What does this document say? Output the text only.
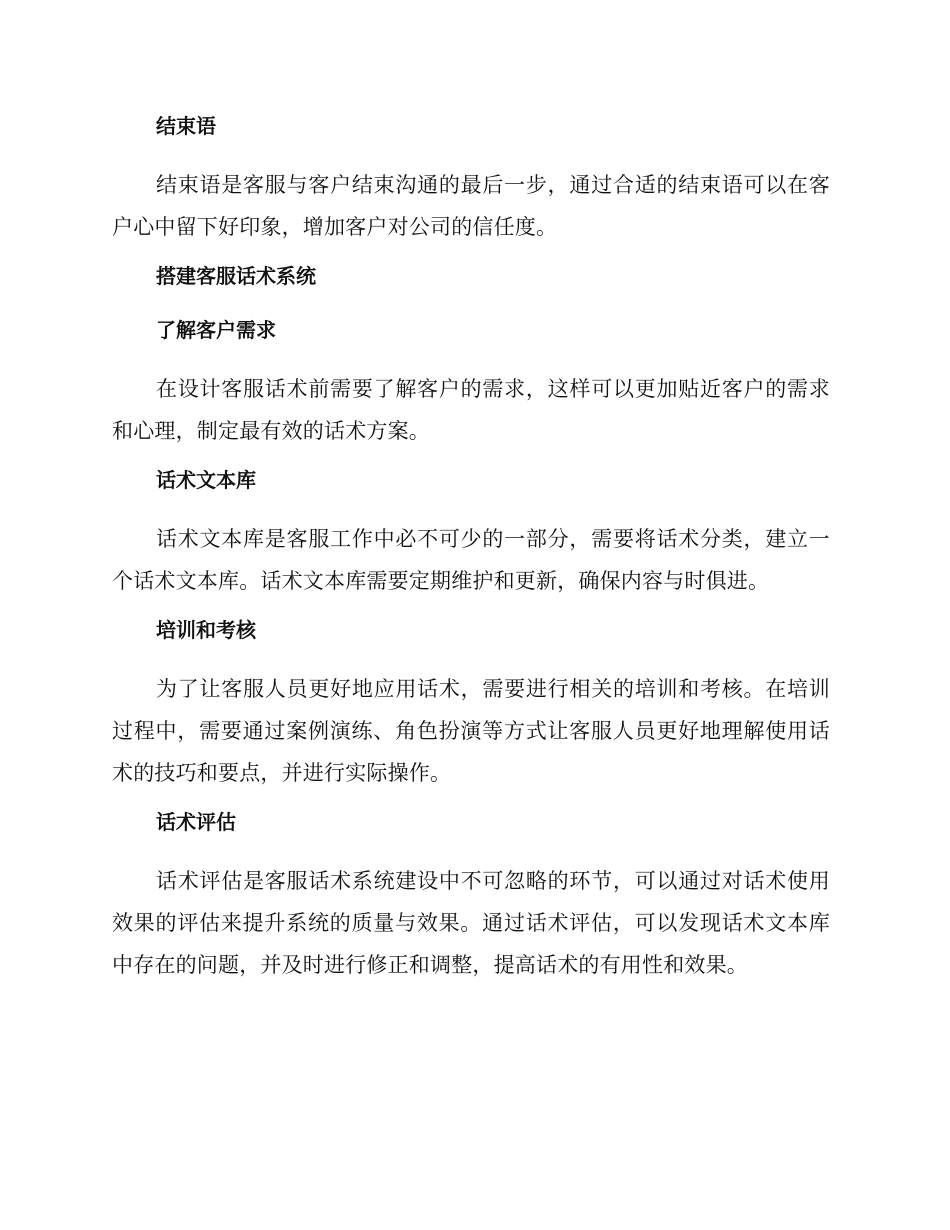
结束语

结束语是客服与客户结束沟通的最后一步，通过合适的结束语可以在客户心中留下好印象，增加客户对公司的信任度。

搭建客服话术系统
了解客户需求

在设计客服话术前需要了解客户的需求，这样可以更加贴近客户的需求和心理，制定最有效的话术方案。

话术文本库

话术文本库是客服工作中必不可少的一部分，需要将话术分类，建立一个话术文本库。话术文本库需要定期维护和更新，确保内容与时俱进。

培训和考核

为了让客服人员更好地应用话术，需要进行相关的培训和考核。在培训过程中，需要通过案例演练、角色扮演等方式让客服人员更好地理解使用话术的技巧和要点，并进行实际操作。

话术评估

话术评估是客服话术系统建设中不可忽略的环节，可以通过对话术使用效果的评估来提升系统的质量与效果。通过话术评估，可以发现话术文本库中存在的问题，并及时进行修正和调整，提高话术的有用性和效果。
